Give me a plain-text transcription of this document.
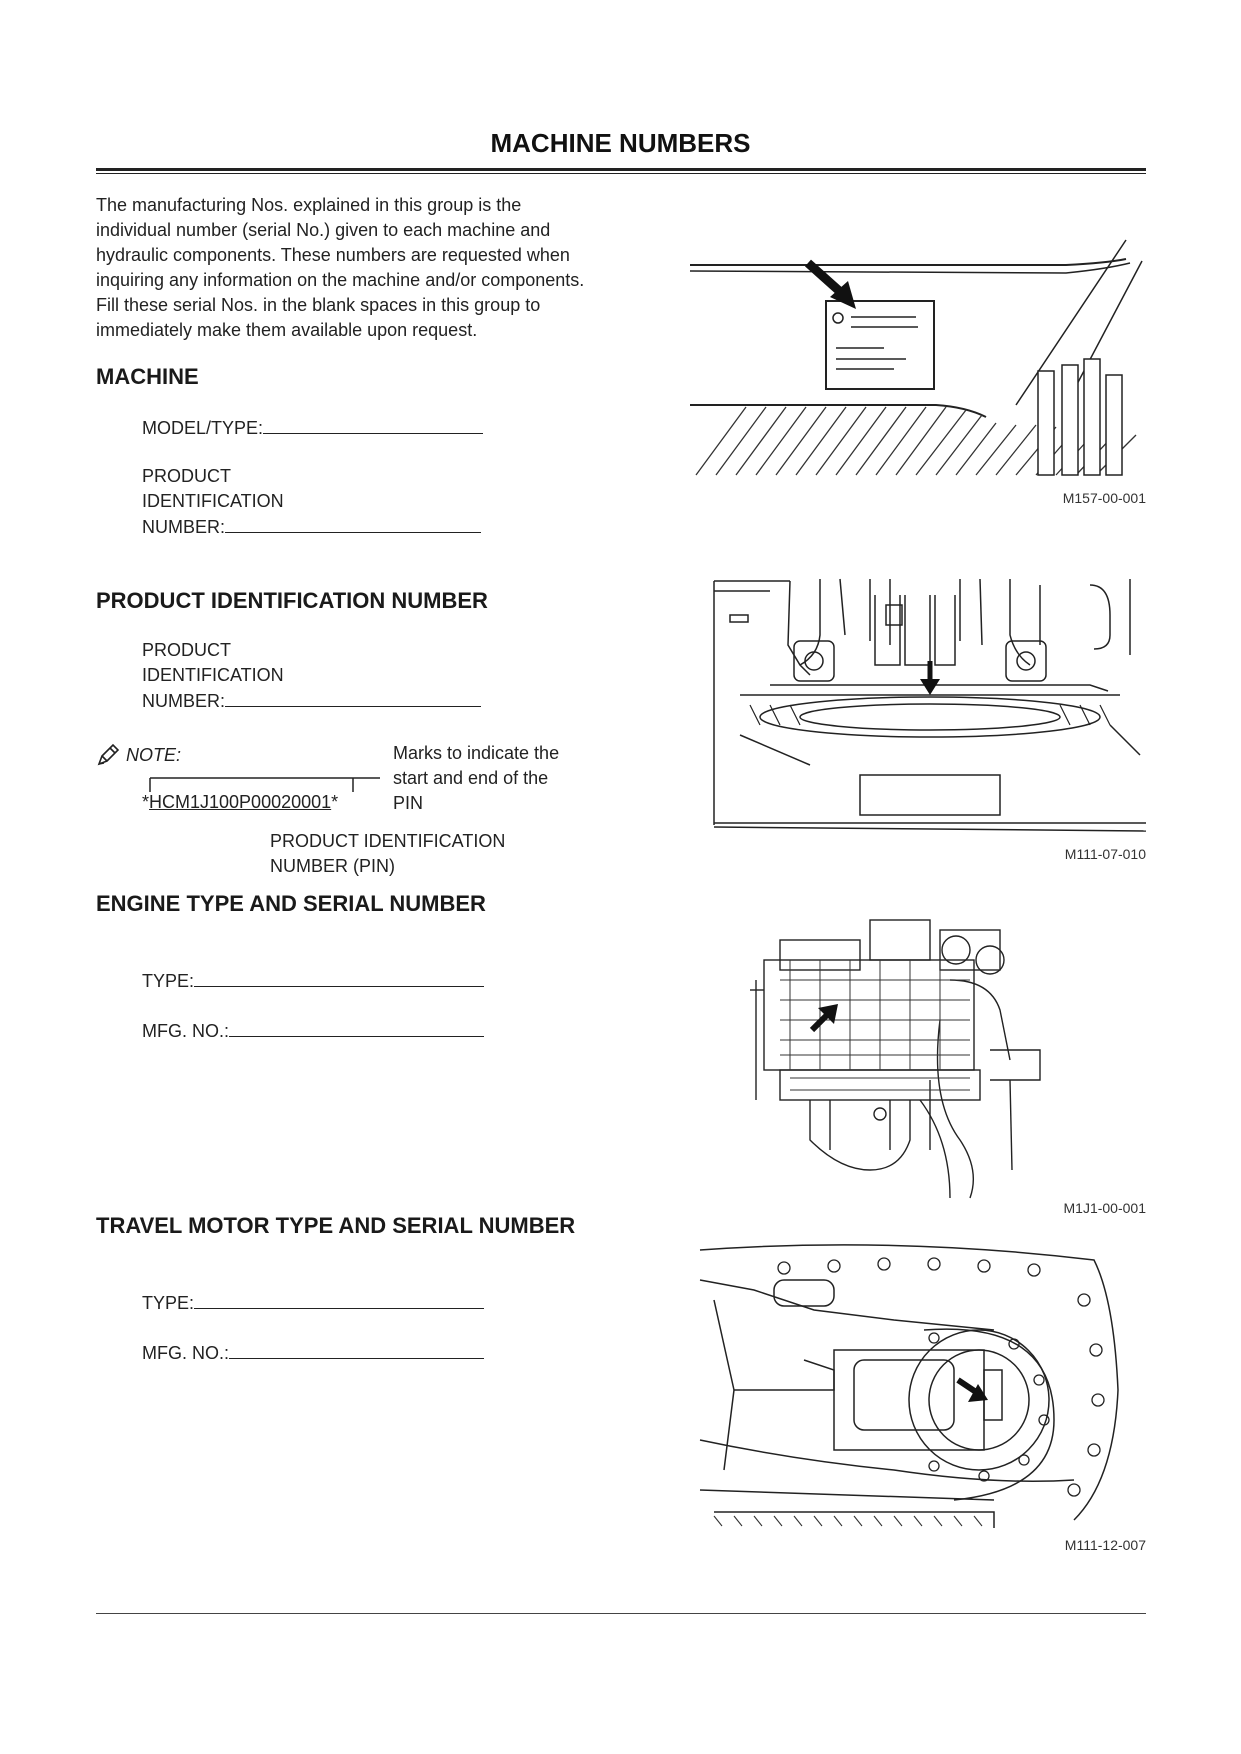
MACHINE NUMBERS
The manufacturing Nos. explained in this group is the
individual number (serial No.) given to each machine and
hydraulic components. These numbers are requested when
inquiring any information on the machine and/or components.
Fill these serial Nos. in the blank spaces in this group to
immediately make them available upon request.
MACHINE
MODEL/TYPE:
PRODUCT
IDENTIFICATION
NUMBER:
M157-00-001
PRODUCT IDENTIFICATION NUMBER
PRODUCT
IDENTIFICATION
NUMBER:
NOTE:
*HCM1J100P00020001*
Marks to indicate the
start and end of the
PIN
PRODUCT IDENTIFICATION
NUMBER (PIN)
M111-07-010
ENGINE TYPE AND SERIAL NUMBER
TYPE:
MFG. NO.:
M1J1-00-001
TRAVEL MOTOR TYPE AND SERIAL NUMBER
TYPE:
MFG. NO.:
M111-12-007
